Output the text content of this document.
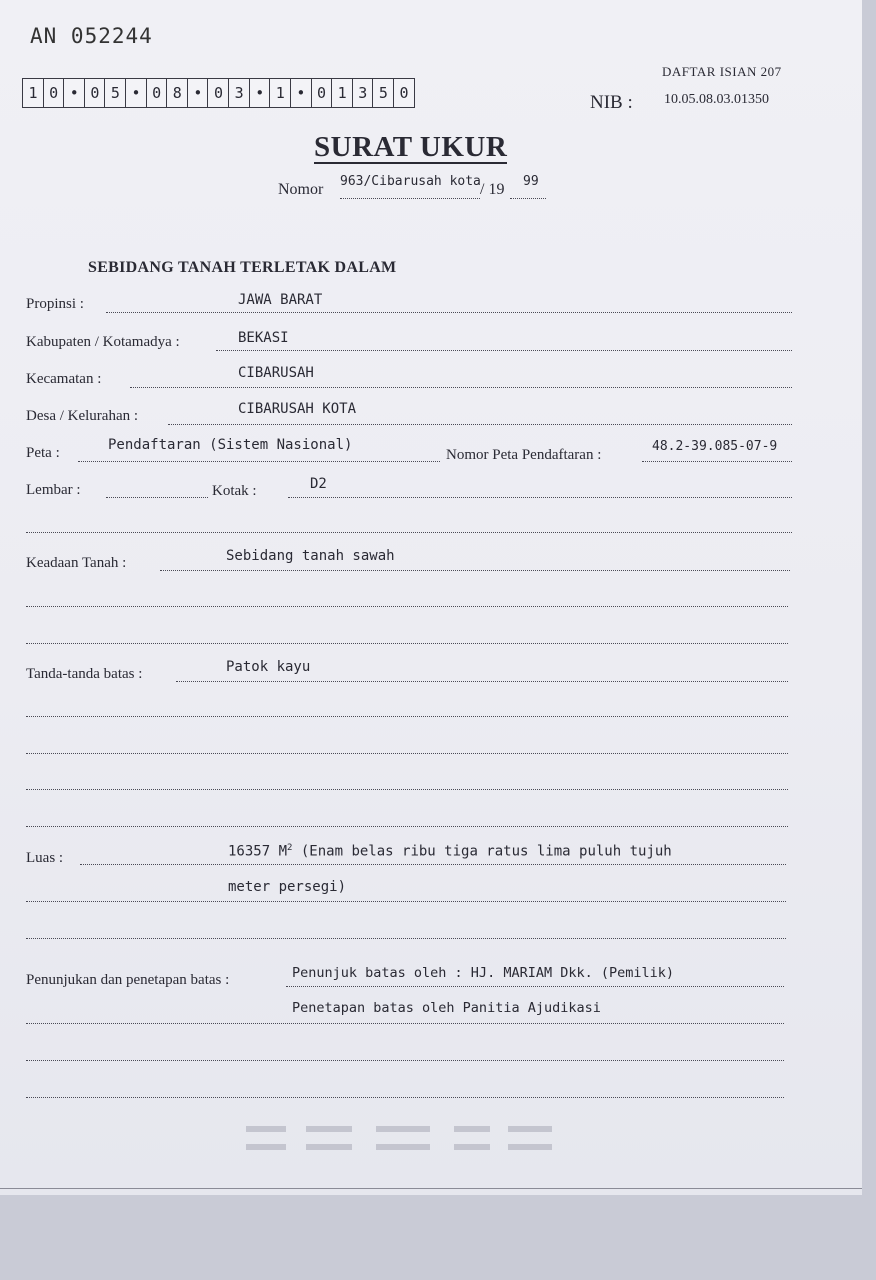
AN 052244
1 0 • 0 5 • 0 8 • 0 3 • 1 • 0 1 3 5 0
DAFTAR ISIAN 207
NIB : 10.05.08.03.01350
SURAT UKUR
Nomor 963/Cibarusah kota / 19 99
SEBIDANG TANAH TERLETAK DALAM
Propinsi :	JAWA BARAT
Kabupaten / Kotamadya :	BEKASI
Kecamatan :	CIBARUSAH
Desa / Kelurahan :	CIBARUSAH KOTA
Peta :	Pendaftaran (Sistem Nasional)
Nomor Peta Pendaftaran :
48.2-39.085-07-9
Lembar :	Kotak :	D2
Keadaan Tanah :	Sebidang tanah sawah
Tanda-tanda batas :	Patok kayu
Luas :	16357 $M^2$ (Enam belas ribu tiga ratus lima puluh tujuh
meter persegi)
Penunjukan dan penetapan batas :	Penunjuk batas oleh : HJ. MARIAM Dkk. (Pemilik)
Penetapan batas oleh Panitia Ajudikasi
